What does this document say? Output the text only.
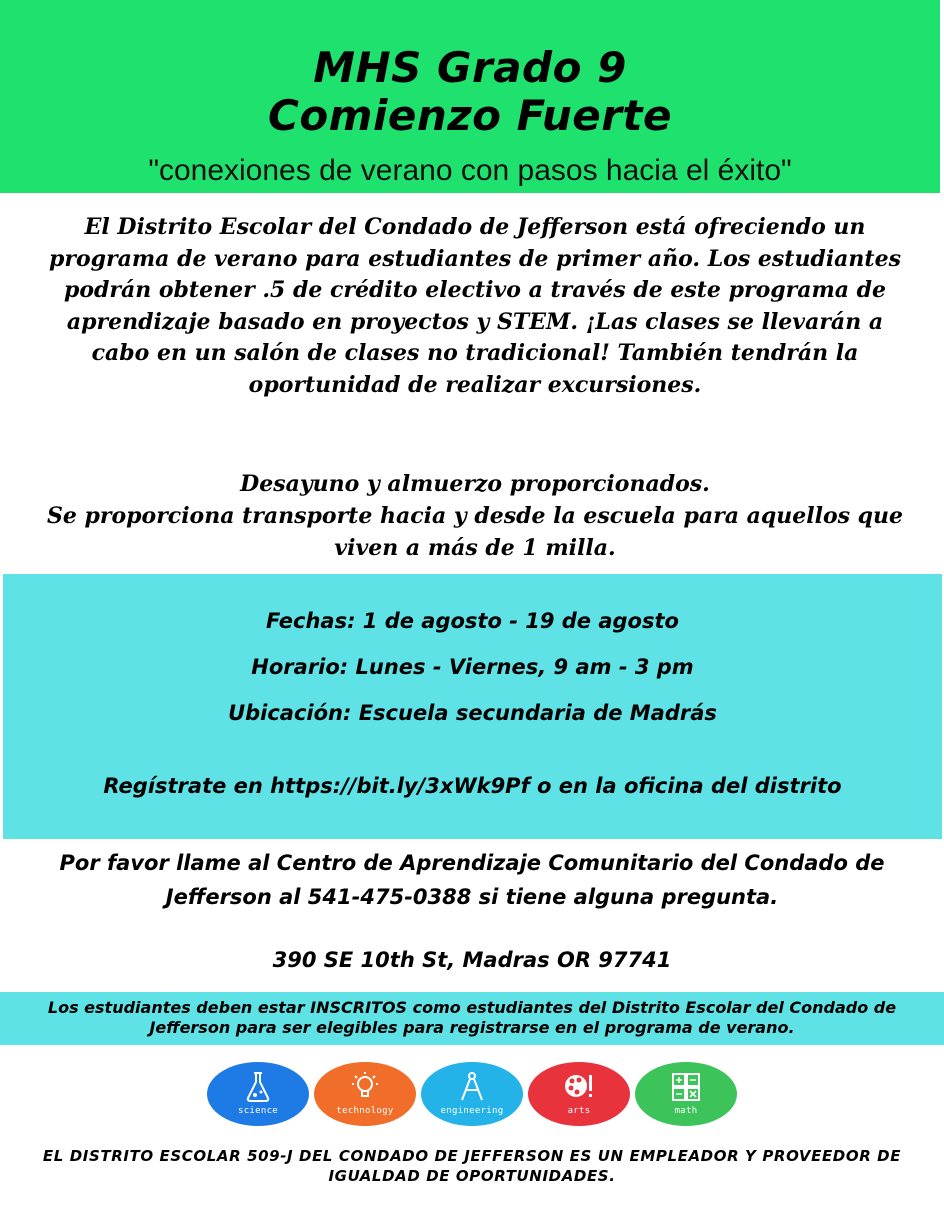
MHS Grado 9
Comienzo Fuerte
"conexiones de verano con pasos hacia el éxito"

El Distrito Escolar del Condado de Jefferson está ofreciendo un programa de verano para estudiantes de primer año. Los estudiantes podrán obtener .5 de crédito electivo a través de este programa de aprendizaje basado en proyectos y STEM. ¡Las clases se llevarán a cabo en un salón de clases no tradicional! También tendrán la oportunidad de realizar excursiones.

Desayuno y almuerzo proporcionados.
Se proporciona transporte hacia y desde la escuela para aquellos que viven a más de 1 milla.
Fechas: 1 de agosto - 19 de agosto
Horario: Lunes - Viernes, 9 am - 3 pm
Ubicación: Escuela secundaria de Madrás
Regístrate en https://bit.ly/3xWk9Pf o en la oficina del distrito
Por favor llame al Centro de Aprendizaje Comunitario del Condado de Jefferson al 541-475-0388 si tiene alguna pregunta.
390 SE 10th St, Madras OR 97741
Los estudiantes deben estar INSCRITOS como estudiantes del Distrito Escolar del Condado de Jefferson para ser elegibles para registrarse en el programa de verano.
science	technology	engineering	arts	math
EL DISTRITO ESCOLAR 509-J DEL CONDADO DE JEFFERSON ES UN EMPLEADOR Y PROVEEDOR DE IGUALDAD DE OPORTUNIDADES.
